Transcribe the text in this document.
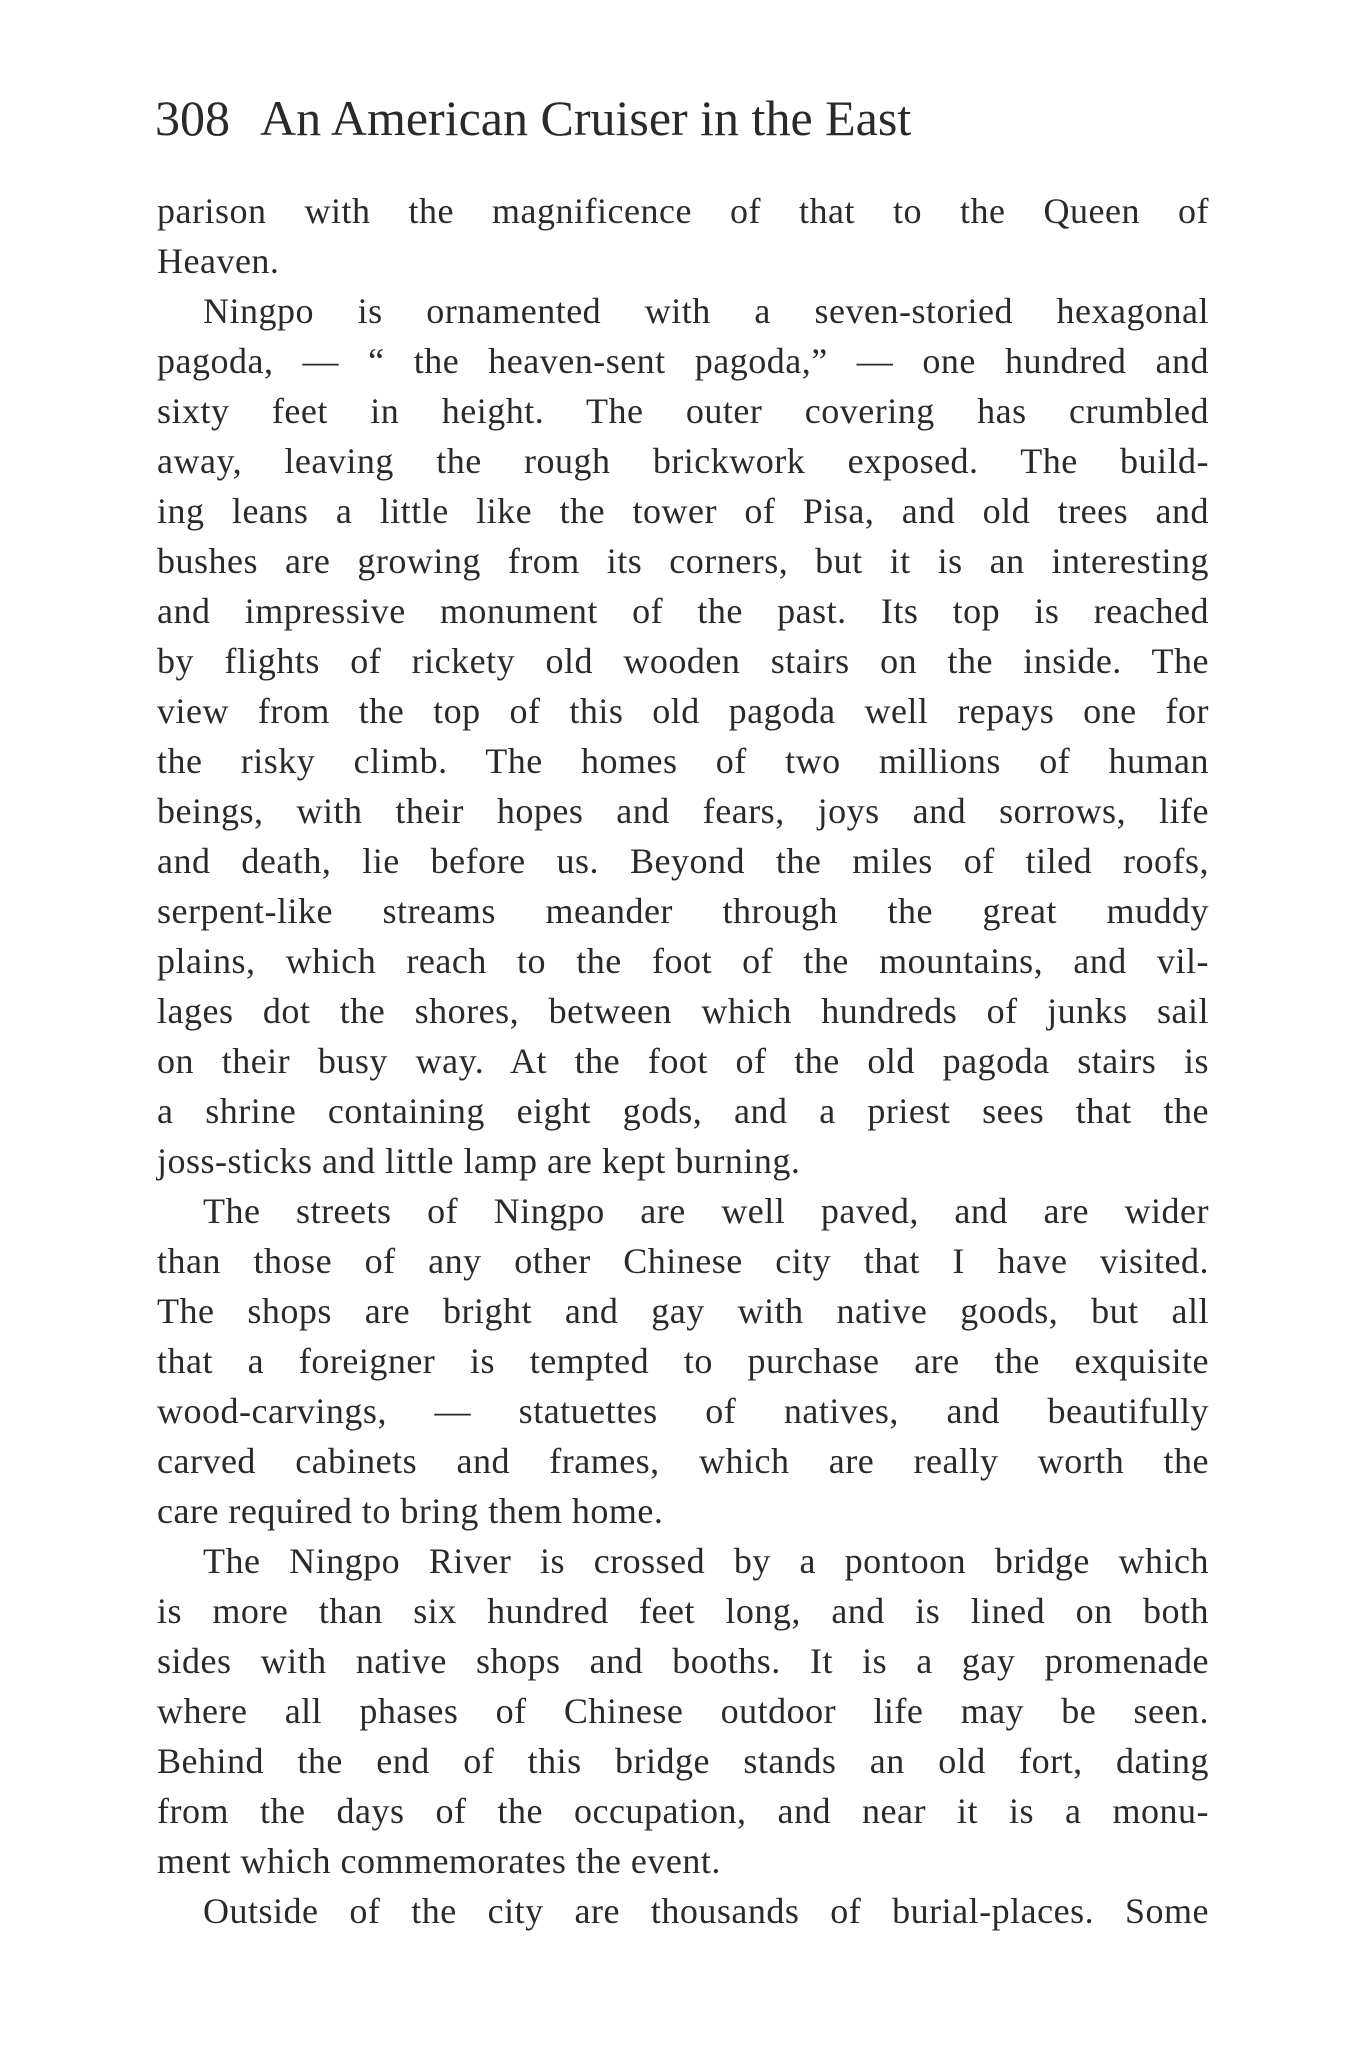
308 An American Cruiser in the East
parison with the magnificence of that to the Queen of
Heaven.
Ningpo is ornamented with a seven-storied hexagonal
pagoda, — “ the heaven-sent pagoda,” — one hundred and
sixty feet in height. The outer covering has crumbled
away, leaving the rough brickwork exposed. The build-
ing leans a little like the tower of Pisa, and old trees and
bushes are growing from its corners, but it is an interesting
and impressive monument of the past. Its top is reached
by flights of rickety old wooden stairs on the inside. The
view from the top of this old pagoda well repays one for
the risky climb. The homes of two millions of human
beings, with their hopes and fears, joys and sorrows, life
and death, lie before us. Beyond the miles of tiled roofs,
serpent-like streams meander through the great muddy
plains, which reach to the foot of the mountains, and vil-
lages dot the shores, between which hundreds of junks sail
on their busy way. At the foot of the old pagoda stairs is
a shrine containing eight gods, and a priest sees that the
joss-sticks and little lamp are kept burning.
The streets of Ningpo are well paved, and are wider
than those of any other Chinese city that I have visited.
The shops are bright and gay with native goods, but all
that a foreigner is tempted to purchase are the exquisite
wood-carvings, — statuettes of natives, and beautifully
carved cabinets and frames, which are really worth the
care required to bring them home.
The Ningpo River is crossed by a pontoon bridge which
is more than six hundred feet long, and is lined on both
sides with native shops and booths. It is a gay promenade
where all phases of Chinese outdoor life may be seen.
Behind the end of this bridge stands an old fort, dating
from the days of the occupation, and near it is a monu-
ment which commemorates the event.
Outside of the city are thousands of burial-places. Some
